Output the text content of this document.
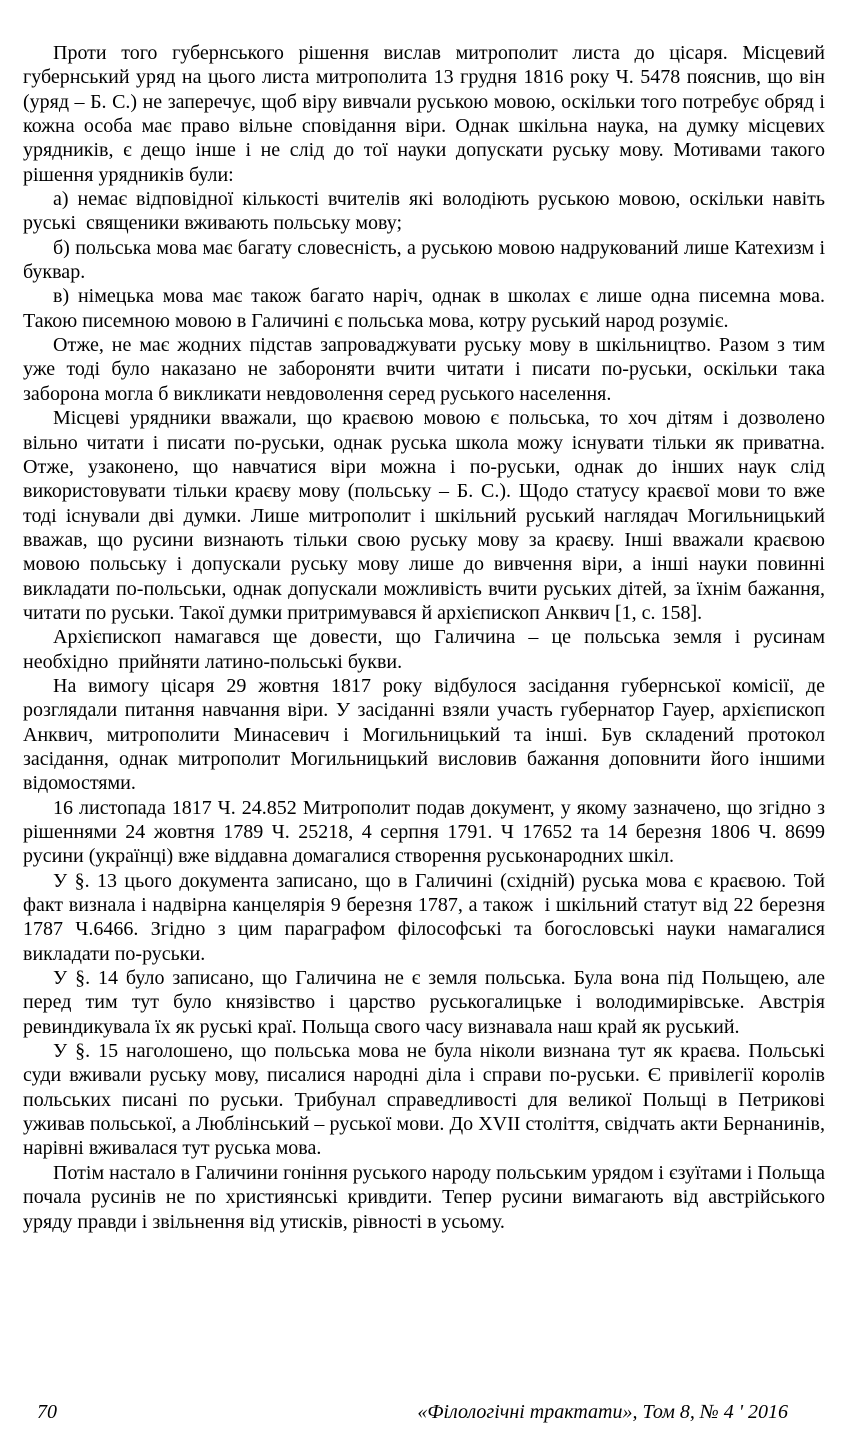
Проти того губернського рішення вислав митрополит листа до цісаря. Місцевий губернський уряд на цього листа митрополита 13 грудня 1816 року Ч. 5478 пояснив, що він (уряд – Б. С.) не заперечує, щоб віру вивчали руською мовою, оскільки того потребує обряд і кожна особа має право вільне сповідання віри. Однак шкільна наука, на думку місцевих урядників, є дещо інше і не слід до тої науки допускати руську мову. Мотивами такого рішення урядників були:

а) немає відповідної кількості вчителів які володіють руською мовою, оскільки навіть руські  священики вживають польську мову;

б) польська мова має багату словесність, а руською мовою надрукований лише Катехизм і буквар.

в) німецька мова має також багато наріч, однак в школах є лише одна писемна мова. Такою писемною мовою в Галичині є польська мова, котру руський народ розуміє.

Отже, не має жодних підстав запроваджувати руську мову в шкільництво. Разом з тим уже тоді було наказано не забороняти вчити читати і писати по-руськи, оскільки така заборона могла б викликати невдоволення серед руського населення.

Місцеві урядники вважали, що краєвою мовою є польська, то хоч дітям і дозволено вільно читати і писати по-руськи, однак руська школа можу існувати тільки як приватна. Отже, узаконено, що навчатися віри можна і по-руськи, однак до інших наук слід використовувати тільки краєву мову (польську – Б. С.). Щодо статусу краєвої мови то вже тоді існували дві думки. Лише митрополит і шкільний руський наглядач Могильницький вважав, що русини визнають тільки свою руську мову за краєву. Інші вважали краєвою мовою польську і допускали руську мову лише до вивчення віри, а інші науки повинні викладати по-польськи, однак допускали можливість вчити руських дітей, за їхнім бажання, читати по руськи. Такої думки притримувався й архієпископ Анквич [1, с. 158].

Архієпископ намагався ще довести, що Галичина – це польська земля і русинам необхідно  прийняти латино-польські букви.

На вимогу цісаря 29 жовтня 1817 року відбулося засідання губернської комісії, де розглядали питання навчання віри. У засіданні взяли участь губернатор Гауер, архієпископ Анквич, митрополити Минасевич і Могильницький та інші. Був складений протокол засідання, однак митрополит Могильницький висловив бажання доповнити його іншими відомостями.

16 листопада 1817 Ч. 24.852 Митрополит подав документ, у якому зазначено, що згідно з рішеннями 24 жовтня 1789 Ч. 25218, 4 серпня 1791. Ч 17652 та 14 березня 1806 Ч. 8699 русини (українці) вже віддавна домагалися створення руськонародних шкіл.

У §. 13 цього документа записано, що в Галичині (східній) руська мова є краєвою. Той факт визнала і надвірна канцелярія 9 березня 1787, а також  і шкільний статут від 22 березня 1787 Ч.6466. Згідно з цим параграфом філософські та богословські науки намагалися викладати по-руськи.

У §. 14 було записано, що Галичина не є земля польська. Була вона під Польщею, але перед тим тут було князівство і царство руськогалицьке і володимирівське. Австрія ревиндикувала їх як руські краї. Польща свого часу визнавала наш край як руський.

У §. 15 наголошено, що польська мова не була ніколи визнана тут як краєва. Польські суди вживали руську мову, писалися народні діла і справи по-руськи. Є привілегії королів польських писані по руськи. Трибунал справедливості для великої Польщі в Петрикові уживав польської, а Люблінський – руської мови. До XVII століття, свідчать акти Бернанинів, нарівні вживалася тут руська мова.

Потім настало в Галичини гоніння руського народу польським урядом і єзуїтами і Польща почала русинів не по християнські кривдити. Тепер русини вимагають від австрійського уряду правди і звільнення від утисків, рівності в усьому.

70	«Філологічні трактати», Том 8, № 4 ' 2016
